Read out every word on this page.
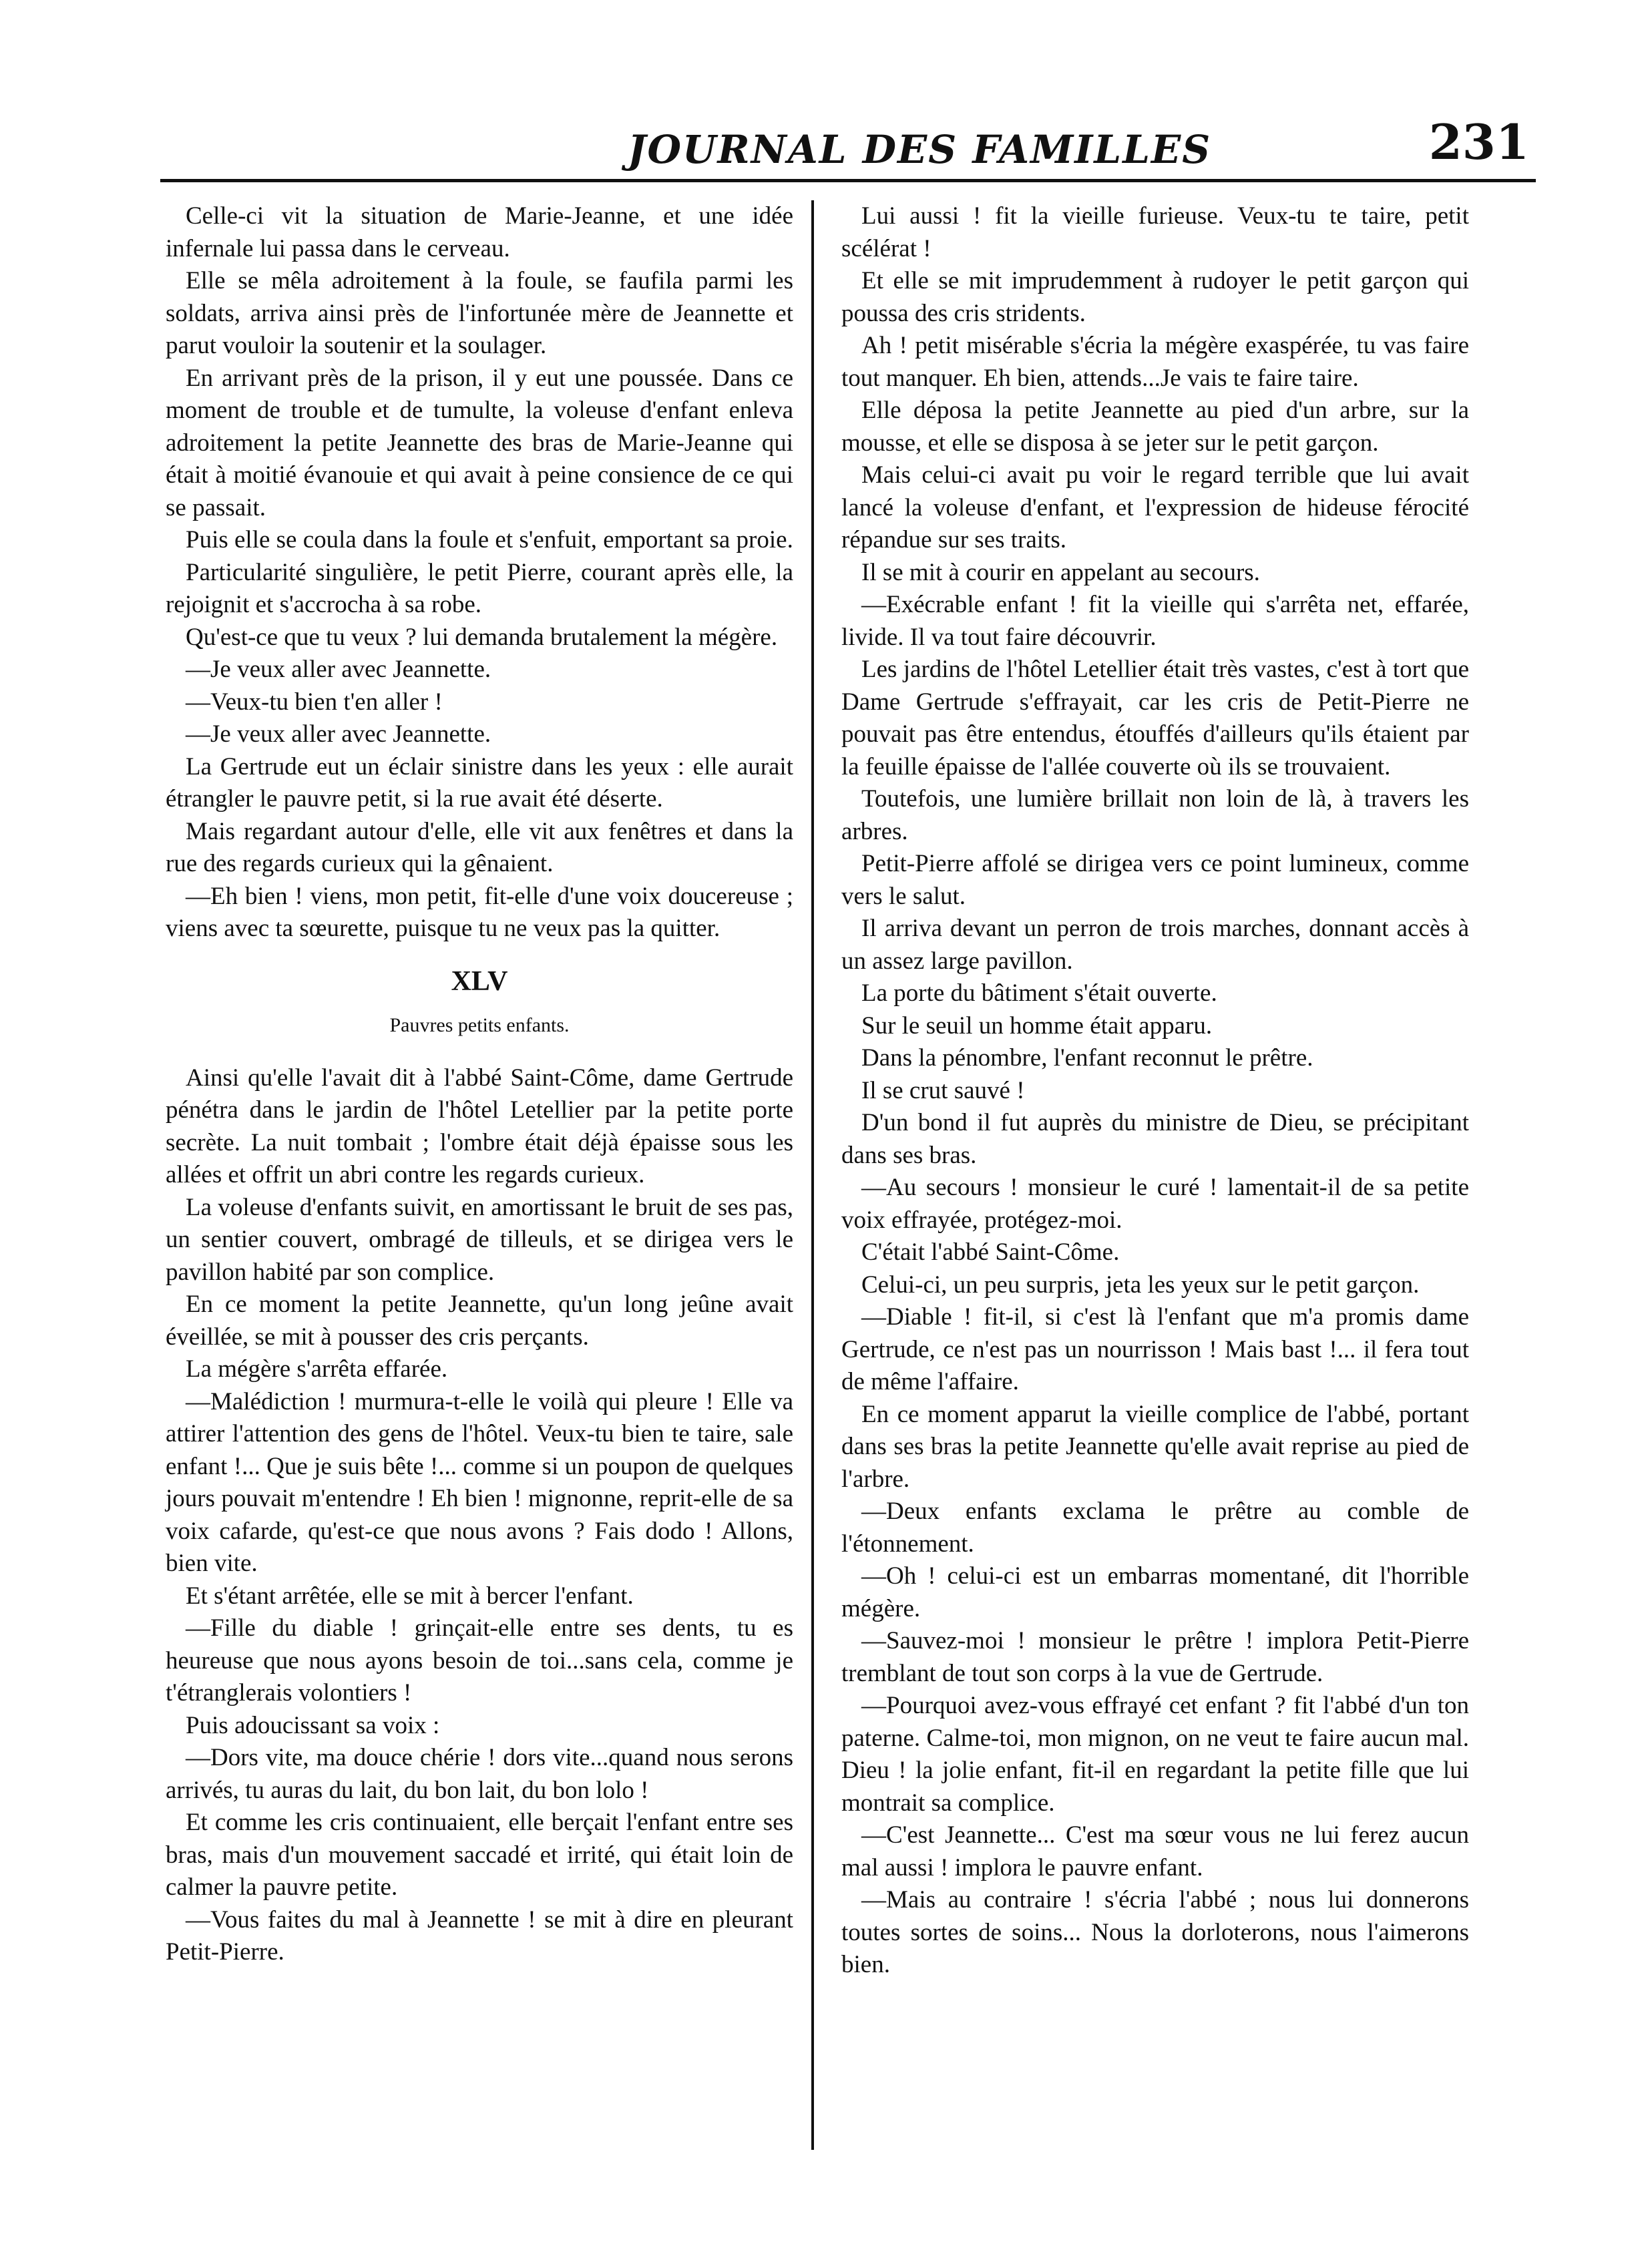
JOURNAL DES FAMILLES	231

Celle-ci vit la situation de Marie-Jeanne, et une idée infernale lui passa dans le cerveau.

Elle se mêla adroitement à la foule, se faufila parmi les soldats, arriva ainsi près de l'infortunée mère de Jeannette et parut vouloir la soutenir et la soulager.

En arrivant près de la prison, il y eut une poussée. Dans ce moment de trouble et de tumulte, la voleuse d'enfant enleva adroitement la petite Jeannette des bras de Marie-Jeanne qui était à moitié évanouie et qui avait à peine consience de ce qui se passait.

Puis elle se coula dans la foule et s'enfuit, emportant sa proie.

Particularité singulière, le petit Pierre, courant après elle, la rejoignit et s'accrocha à sa robe.

Qu'est-ce que tu veux ? lui demanda brutalement la mégère.

—Je veux aller avec Jeannette.

—Veux-tu bien t'en aller !

—Je veux aller avec Jeannette.

La Gertrude eut un éclair sinistre dans les yeux : elle aurait étrangler le pauvre petit, si la rue avait été déserte.

Mais regardant autour d'elle, elle vit aux fenêtres et dans la rue des regards curieux qui la gênaient.

—Eh bien ! viens, mon petit, fit-elle d'une voix doucereuse ; viens avec ta sœurette, puisque tu ne veux pas la quitter.

XLV

Pauvres petits enfants.

Ainsi qu'elle l'avait dit à l'abbé Saint-Côme, dame Gertrude pénétra dans le jardin de l'hôtel Letellier par la petite porte secrète. La nuit tombait ; l'ombre était déjà épaisse sous les allées et offrit un abri contre les regards curieux.

La voleuse d'enfants suivit, en amortissant le bruit de ses pas, un sentier couvert, ombragé de tilleuls, et se dirigea vers le pavillon habité par son complice.

En ce moment la petite Jeannette, qu'un long jeûne avait éveillée, se mit à pousser des cris perçants.

La mégère s'arrêta effarée.

—Malédiction ! murmura-t-elle le voilà qui pleure ! Elle va attirer l'attention des gens de l'hôtel. Veux-tu bien te taire, sale enfant !... Que je suis bête !... comme si un poupon de quelques jours pouvait m'entendre ! Eh bien ! mignonne, reprit-elle de sa voix cafarde, qu'est-ce que nous avons ? Fais dodo ! Allons, bien vite.

Et s'étant arrêtée, elle se mit à bercer l'enfant.

—Fille du diable ! grinçait-elle entre ses dents, tu es heureuse que nous ayons besoin de toi...sans cela, comme je t'étranglerais volontiers !

Puis adoucissant sa voix :

—Dors vite, ma douce chérie ! dors vite...quand nous serons arrivés, tu auras du lait, du bon lait, du bon lolo !

Et comme les cris continuaient, elle berçait l'enfant entre ses bras, mais d'un mouvement saccadé et irrité, qui était loin de calmer la pauvre petite.

—Vous faites du mal à Jeannette ! se mit à dire en pleurant Petit-Pierre.

Lui aussi ! fit la vieille furieuse. Veux-tu te taire, petit scélérat !

Et elle se mit imprudemment à rudoyer le petit garçon qui poussa des cris stridents.

Ah ! petit misérable s'écria la mégère exaspérée, tu vas faire tout manquer. Eh bien, attends...Je vais te faire taire.

Elle déposa la petite Jeannette au pied d'un arbre, sur la mousse, et elle se disposa à se jeter sur le petit garçon.

Mais celui-ci avait pu voir le regard terrible que lui avait lancé la voleuse d'enfant, et l'expression de hideuse férocité répandue sur ses traits.

Il se mit à courir en appelant au secours.

—Exécrable enfant ! fit la vieille qui s'arrêta net, effarée, livide. Il va tout faire découvrir.

Les jardins de l'hôtel Letellier était très vastes, c'est à tort que Dame Gertrude s'effrayait, car les cris de Petit-Pierre ne pouvait pas être entendus, étouffés d'ailleurs qu'ils étaient par la feuille épaisse de l'allée couverte où ils se trouvaient.

Toutefois, une lumière brillait non loin de là, à travers les arbres.

Petit-Pierre affolé se dirigea vers ce point lumineux, comme vers le salut.

Il arriva devant un perron de trois marches, donnant accès à un assez large pavillon.

La porte du bâtiment s'était ouverte.

Sur le seuil un homme était apparu.

Dans la pénombre, l'enfant reconnut le prêtre.

Il se crut sauvé !

D'un bond il fut auprès du ministre de Dieu, se précipitant dans ses bras.

—Au secours ! monsieur le curé ! lamentait-il de sa petite voix effrayée, protégez-moi.

C'était l'abbé Saint-Côme.

Celui-ci, un peu surpris, jeta les yeux sur le petit garçon.

—Diable ! fit-il, si c'est là l'enfant que m'a promis dame Gertrude, ce n'est pas un nourrisson ! Mais bast !... il fera tout de même l'affaire.

En ce moment apparut la vieille complice de l'abbé, portant dans ses bras la petite Jeannette qu'elle avait reprise au pied de l'arbre.

—Deux enfants exclama le prêtre au comble de l'étonnement.

—Oh ! celui-ci est un embarras momentané, dit l'horrible mégère.

—Sauvez-moi ! monsieur le prêtre ! implora Petit-Pierre tremblant de tout son corps à la vue de Gertrude.

—Pourquoi avez-vous effrayé cet enfant ? fit l'abbé d'un ton paterne. Calme-toi, mon mignon, on ne veut te faire aucun mal. Dieu ! la jolie enfant, fit-il en regardant la petite fille que lui montrait sa complice.

—C'est Jeannette... C'est ma sœur vous ne lui ferez aucun mal aussi ! implora le pauvre enfant.

—Mais au contraire ! s'écria l'abbé ; nous lui donnerons toutes sortes de soins... Nous la dorloterons, nous l'aimerons bien.
